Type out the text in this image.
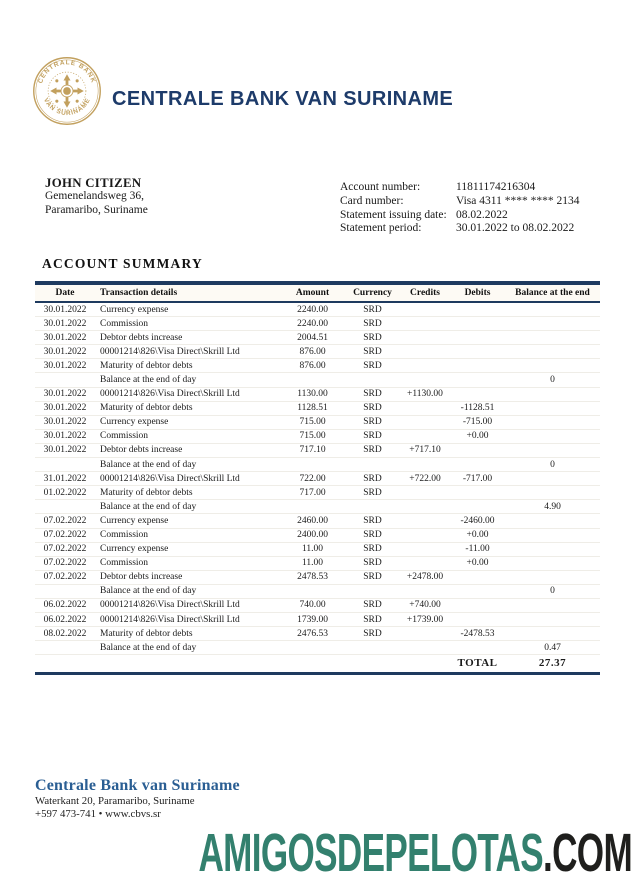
CENTRALE BANK
VAN SURINAME CENTRALE BANK VAN SURINAME
JOHN CITIZEN
Gemenelandsweg 36,
Paramaribo, Suriname
Account number:	11811174216304
Card number:	Visa 4311 **** **** 2134
Statement issuing date: 08.02.2022
Statement period:	30.01.2022 to 08.02.2022
ACCOUNT SUMMARY
Date	Transaction details	Amount	Currency	Credits	Debits	Balance at the end
30.01.2022	Currency expense	2240.00	SRD			
30.01.2022	Commission	2240.00	SRD			
30.01.2022	Debtor debts increase	2004.51	SRD			
30.01.2022	00001214\826\Visa Direct\Skrill Ltd	876.00	SRD			
30.01.2022	Maturity of debtor debts	876.00	SRD			
	Balance at the end of day					0
30.01.2022	00001214\826\Visa Direct\Skrill Ltd	1130.00	SRD	+1130.00		
30.01.2022	Maturity of debtor debts	1128.51	SRD		-1128.51	
30.01.2022	Currency expense	715.00	SRD		-715.00	
30.01.2022	Commission	715.00	SRD		+0.00	
30.01.2022	Debtor debts increase	717.10	SRD	+717.10		
	Balance at the end of day					0
31.01.2022	00001214\826\Visa Direct\Skrill Ltd	722.00	SRD	+722.00	-717.00	
01.02.2022	Maturity of debtor debts	717.00	SRD			
	Balance at the end of day					4.90
07.02.2022	Currency expense	2460.00	SRD		-2460.00	
07.02.2022	Commission	2400.00	SRD		+0.00	
07.02.2022	Currency expense	11.00	SRD		-11.00	
07.02.2022	Commission	11.00	SRD		+0.00	
07.02.2022	Debtor debts increase	2478.53	SRD	+2478.00		
	Balance at the end of day					0
06.02.2022	00001214\826\Visa Direct\Skrill Ltd	740.00	SRD	+740.00		
06.02.2022	00001214\826\Visa Direct\Skrill Ltd	1739.00	SRD	+1739.00		
08.02.2022	Maturity of debtor debts	2476.53	SRD		-2478.53	
	Balance at the end of day					0.47
					TOTAL	27.37
Centrale Bank van Suriname
Waterkant 20, Paramaribo, Suriname
+597 473-741 • www.cbvs.sr
AMIGOSDEPELOTAS.COM
